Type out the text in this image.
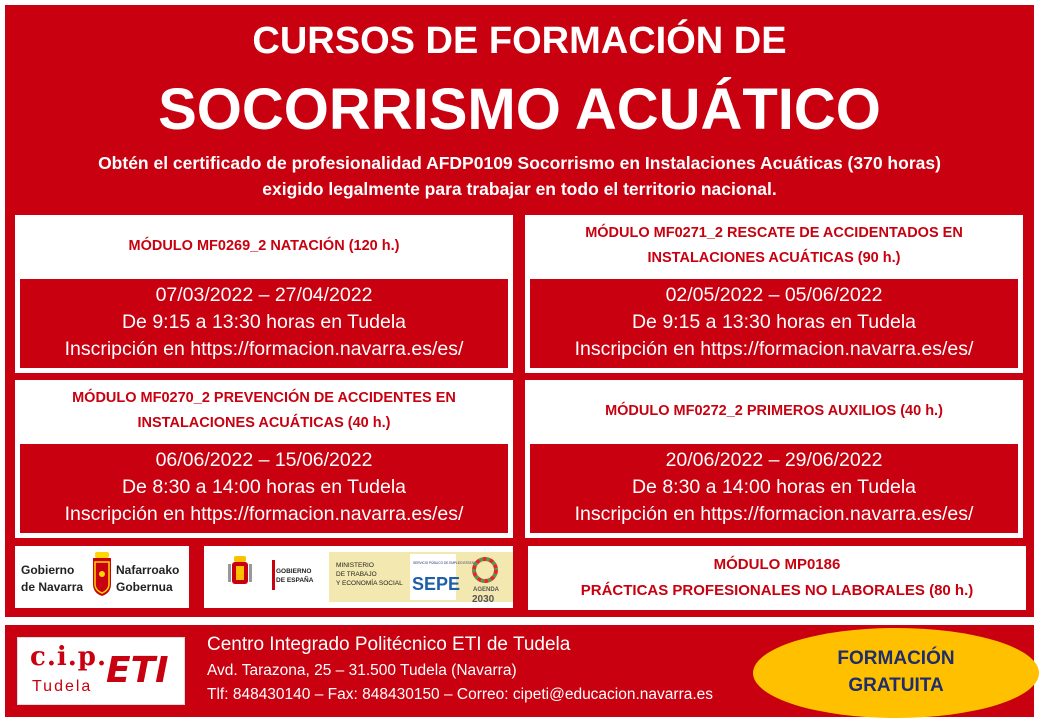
CURSOS DE FORMACIÓN DE
SOCORRISMO ACUÁTICO
Obtén el certificado de profesionalidad AFDP0109 Socorrismo en Instalaciones Acuáticas (370 horas)
exigido legalmente para trabajar en todo el territorio nacional.
MÓDULO MF0269_2 NATACIÓN (120 h.)
07/03/2022 – 27/04/2022
De 9:15 a 13:30 horas en Tudela
Inscripción en https://formacion.navarra.es/es/
MÓDULO MF0271_2 RESCATE DE ACCIDENTADOS EN INSTALACIONES ACUÁTICAS (90 h.)
02/05/2022 – 05/06/2022
De 9:15 a 13:30 horas en Tudela
Inscripción en https://formacion.navarra.es/es/
MÓDULO MF0270_2 PREVENCIÓN DE ACCIDENTES EN INSTALACIONES ACUÁTICAS (40 h.)
06/06/2022 – 15/06/2022
De 8:30 a 14:00 horas en Tudela
Inscripción en https://formacion.navarra.es/es/
MÓDULO MF0272_2 PRIMEROS AUXILIOS (40 h.)
20/06/2022 – 29/06/2022
De 8:30 a 14:00 horas en Tudela
Inscripción en https://formacion.navarra.es/es/
Gobierno
de Navarra
Nafarroako
Gobernua
GOBIERNO
DE ESPAÑA
MINISTERIO
DE TRABAJO
Y ECONOMÍA SOCIAL
SERVICIO PÚBLICO DE EMPLEO ESTATAL
SEPE AGENDA
2030
MÓDULO MP0186
PRÁCTICAS PROFESIONALES NO LABORALES (80 h.)
c.i.p.
ETI
Tudela
Centro Integrado Politécnico ETI de Tudela
Avd. Tarazona, 25 – 31.500 Tudela (Navarra)
Tlf: 848430140 – Fax: 848430150 – Correo: cipeti@educacion.navarra.es
FORMACIÓN
GRATUITA
